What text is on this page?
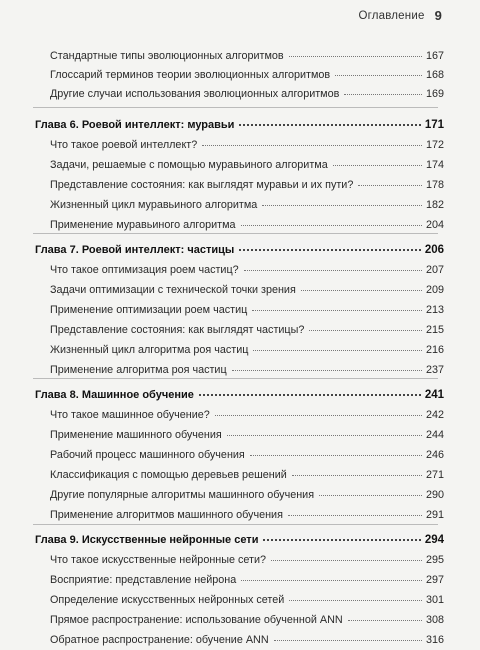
Оглавление 9
Стандартные типы эволюционных алгоритмов	167
Глоссарий терминов теории эволюционных алгоритмов	168
Другие случаи использования эволюционных алгоритмов	169
Глава 6. Роевой интеллект: муравьи	171
Что такое роевой интеллект?	172
Задачи, решаемые с помощью муравьиного алгоритма	174
Представление состояния: как выглядят муравьи и их пути?	178
Жизненный цикл муравьиного алгоритма	182
Применение муравьиного алгоритма	204
Глава 7. Роевой интеллект: частицы	206
Что такое оптимизация роем частиц?	207
Задачи оптимизации с технической точки зрения	209
Применение оптимизации роем частиц	213
Представление состояния: как выглядят частицы?	215
Жизненный цикл алгоритма роя частиц	216
Применение алгоритма роя частиц	237
Глава 8. Машинное обучение	241
Что такое машинное обучение?	242
Применение машинного обучения	244
Рабочий процесс машинного обучения	246
Классификация с помощью деревьев решений	271
Другие популярные алгоритмы машинного обучения	290
Применение алгоритмов машинного обучения	291
Глава 9. Искусственные нейронные сети	294
Что такое искусственные нейронные сети?	295
Восприятие: представление нейрона	297
Определение искусственных нейронных сетей	301
Прямое распространение: использование обученной ANN	308
Обратное распространение: обучение ANN	316
